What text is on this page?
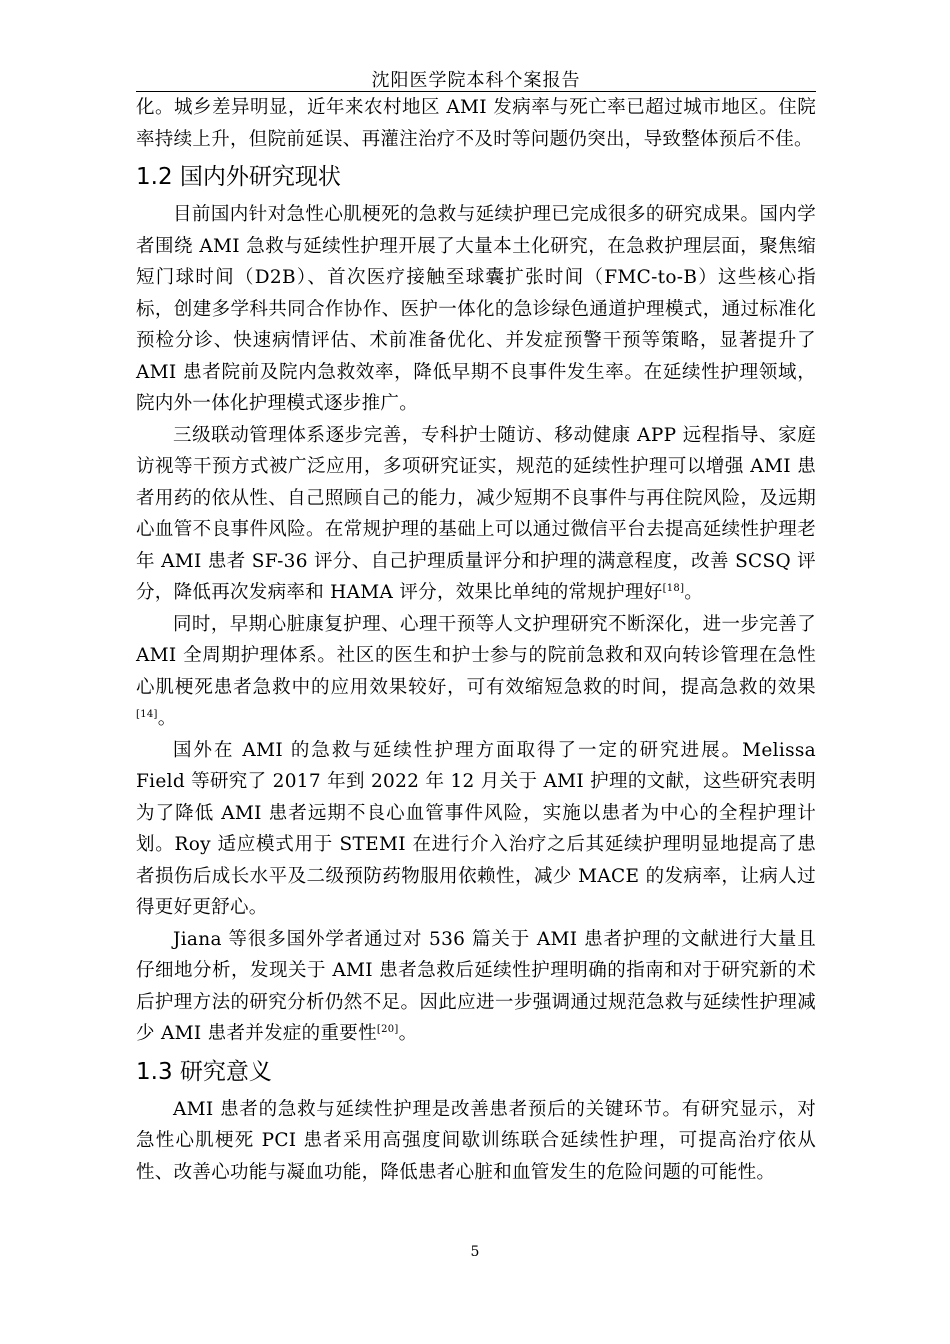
沈阳医学院本科个案报告

化。城乡差异明显，近年来农村地区 AMI 发病率与死亡率已超过城市地区。住院率持续上升，但院前延误、再灌注治疗不及时等问题仍突出，导致整体预后不佳。

1.2 国内外研究现状

目前国内针对急性心肌梗死的急救与延续护理已完成很多的研究成果。国内学者围绕 AMI 急救与延续性护理开展了大量本土化研究，在急救护理层面，聚焦缩短门球时间（D2B）、首次医疗接触至球囊扩张时间（FMC-to-B）这些核心指标，创建多学科共同合作协作、医护一体化的急诊绿色通道护理模式，通过标准化预检分诊、快速病情评估、术前准备优化、并发症预警干预等策略，显著提升了 AMI 患者院前及院内急救效率，降低早期不良事件发生率。在延续性护理领域，院内外一体化护理模式逐步推广。

三级联动管理体系逐步完善，专科护士随访、移动健康 APP 远程指导、家庭访视等干预方式被广泛应用，多项研究证实，规范的延续性护理可以增强 AMI 患者用药的依从性、自己照顾自己的能力，减少短期不良事件与再住院风险，及远期心血管不良事件风险。在常规护理的基础上可以通过微信平台去提高延续性护理老年 AMI 患者 SF-36 评分、自己护理质量评分和护理的满意程度，改善 SCSQ 评分，降低再次发病率和 HAMA 评分，效果比单纯的常规护理好[18]。

同时，早期心脏康复护理、心理干预等人文护理研究不断深化，进一步完善了 AMI 全周期护理体系。社区的医生和护士参与的院前急救和双向转诊管理在急性心肌梗死患者急救中的应用效果较好，可有效缩短急救的时间，提高急救的效果[14]。

国外在 AMI 的急救与延续性护理方面取得了一定的研究进展。Melissa Field 等研究了 2017 年到 2022 年 12 月关于 AMI 护理的文献，这些研究表明为了降低 AMI 患者远期不良心血管事件风险，实施以患者为中心的全程护理计划。Roy 适应模式用于 STEMI 在进行介入治疗之后其延续护理明显地提高了患者损伤后成长水平及二级预防药物服用依赖性，减少 MACE 的发病率，让病人过得更好更舒心。

Jiana 等很多国外学者通过对 536 篇关于 AMI 患者护理的文献进行大量且仔细地分析，发现关于 AMI 患者急救后延续性护理明确的指南和对于研究新的术后护理方法的研究分析仍然不足。因此应进一步强调通过规范急救与延续性护理减少 AMI 患者并发症的重要性[20]。

1.3 研究意义

AMI 患者的急救与延续性护理是改善患者预后的关键环节。有研究显示，对急性心肌梗死 PCI 患者采用高强度间歇训练联合延续性护理，可提高治疗依从性、改善心功能与凝血功能，降低患者心脏和血管发生的危险问题的可能性。

5
